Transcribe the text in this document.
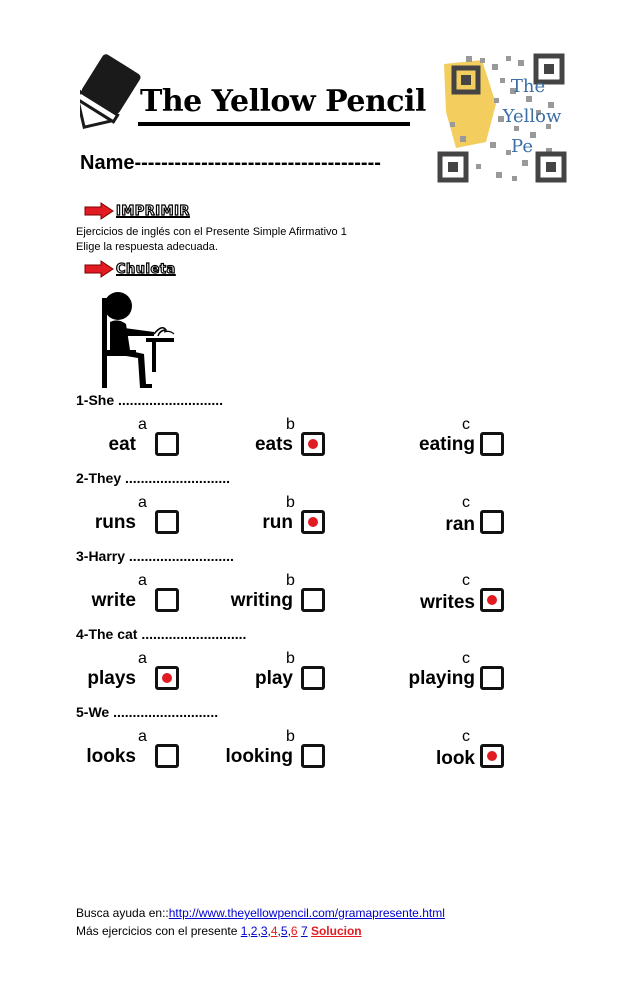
The Yellow Pencil	The
Yellow
Pe
Name-------------------------------------
IMPRIMIR
Ejercicios de inglés con el Presente Simple Afirmativo 1
Elige la respuesta adecuada.
Chuleta
1-She ...........................
a
eat
b
eats
c
eating
2-They ...........................
a
runs
b
run
c
ran
3-Harry ...........................
a
write
b
writing
c
writes
4-The cat ...........................
a
plays
b
play
c
playing
5-We ...........................
a
looks
b
looking
c
look
Busca ayuda en::http://www.theyellowpencil.com/gramapresente.html
Más ejercicios con el presente 1,2,3,4,5,6 7 Solucion
